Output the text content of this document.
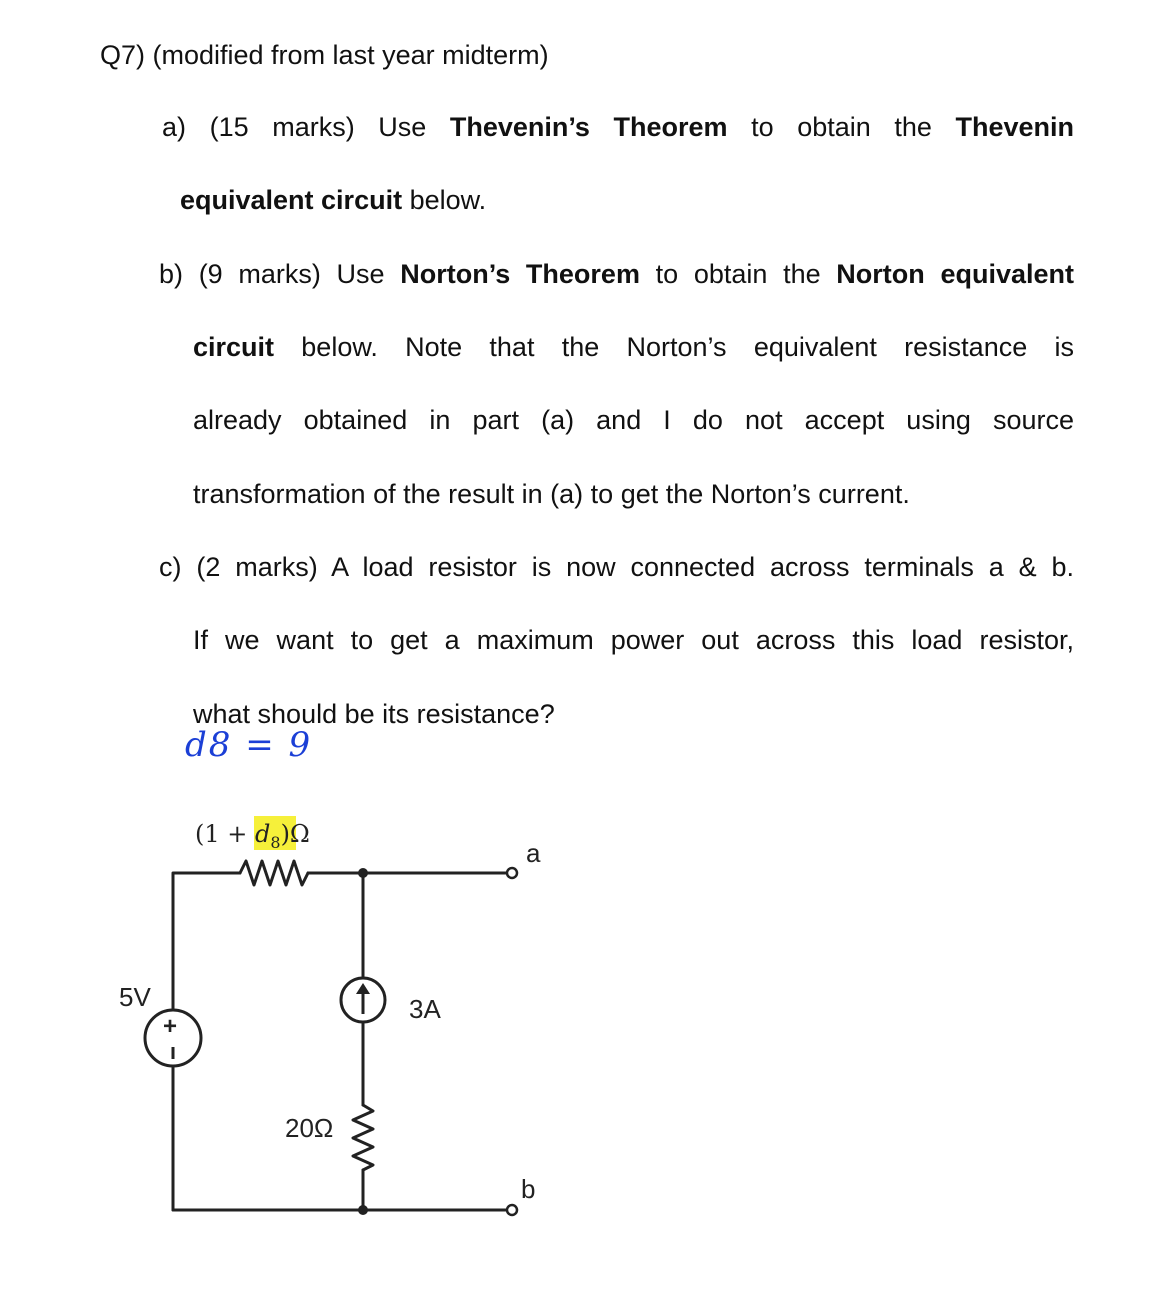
Q7) (modified from last year midterm)
a) (15 marks) Use Thevenin’s Theorem to obtain the Thevenin
equivalent circuit below.
b) (9 marks) Use Norton’s Theorem to obtain the Norton equivalent
circuit below. Note that the Norton’s equivalent resistance is
already obtained in part (a) and I do not accept using source
transformation of the result in (a) to get the Norton’s current.
c) (2 marks) A load resistor is now connected across terminals a & b.
If we want to get a maximum power out across this load resistor,
what should be its resistance?
d8 = 9
$(1 + d_8)\Omega$
+
a
b
5V	3A
20Ω
